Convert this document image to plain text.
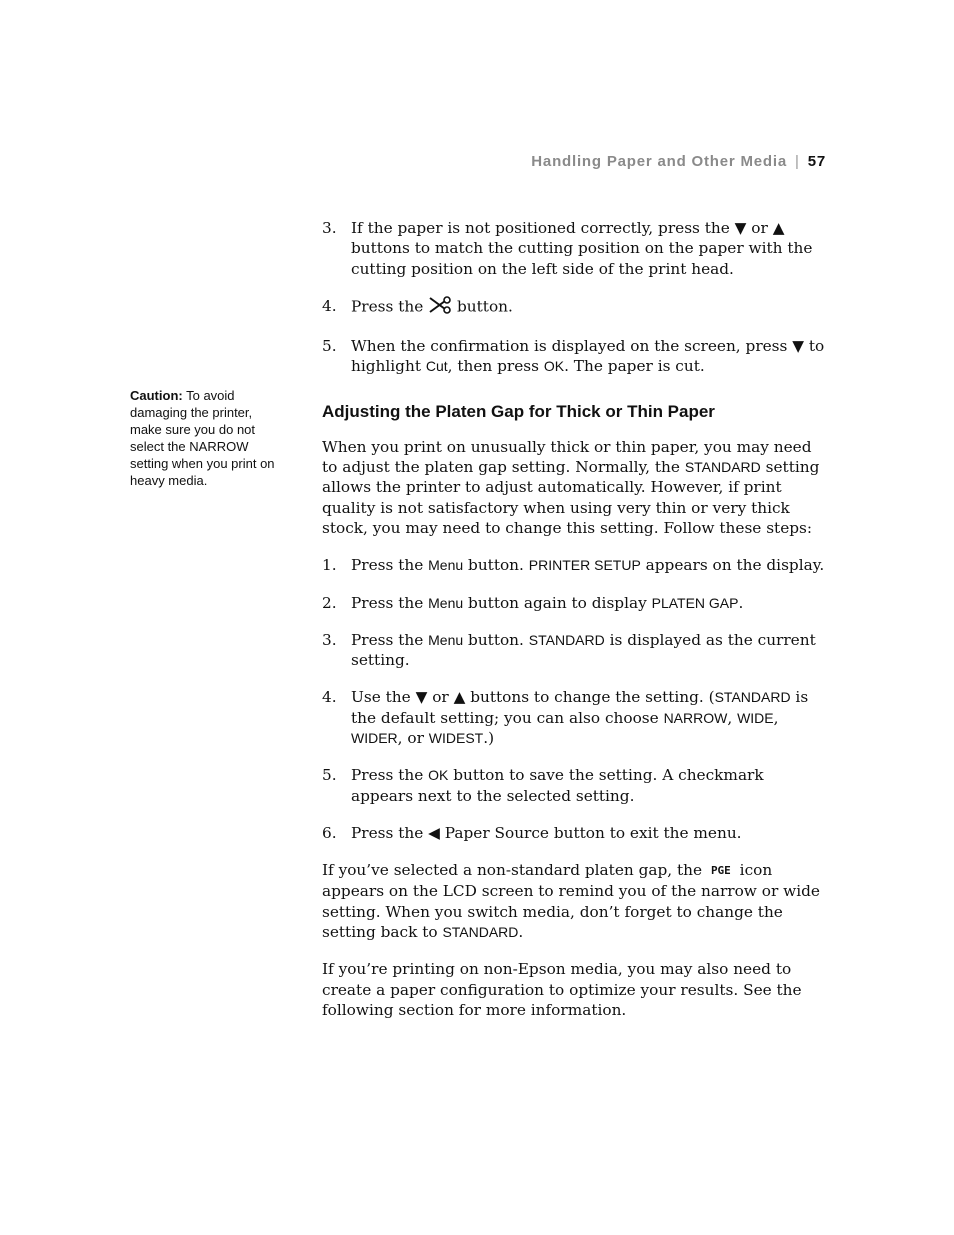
Handling Paper and Other Media | 57
Caution: To avoid damaging the printer, make sure you do not select the NARROW setting when you print on heavy media.
3. If the paper is not positioned correctly, press the ▼ or ▲ buttons to match the cutting position on the paper with the cutting position on the left side of the print head.
4. Press the  button.
5. When the confirmation is displayed on the screen, press ▼ to highlight Cut, then press OK. The paper is cut.
Adjusting the Platen Gap for Thick or Thin Paper

When you print on unusually thick or thin paper, you may need to adjust the platen gap setting. Normally, the STANDARD setting allows the printer to adjust automatically. However, if print quality is not satisfactory when using very thin or very thick stock, you may need to change this setting. Follow these steps:

1. Press the Menu button. PRINTER SETUP appears on the display.
2. Press the Menu button again to display PLATEN GAP.
3. Press the Menu button. STANDARD is displayed as the current setting.
4. Use the ▼ or ▲ buttons to change the setting. (STANDARD is the default setting; you can also choose NARROW, WIDE, WIDER, or WIDEST.)
5. Press the OK button to save the setting. A checkmark appears next to the selected setting.
6. Press the ◀ Paper Source button to exit the menu.

If you’ve selected a non-standard platen gap, the PGE icon appears on the LCD screen to remind you of the narrow or wide setting. When you switch media, don’t forget to change the setting back to STANDARD.

If you’re printing on non-Epson media, you may also need to create a paper configuration to optimize your results. See the following section for more information.
